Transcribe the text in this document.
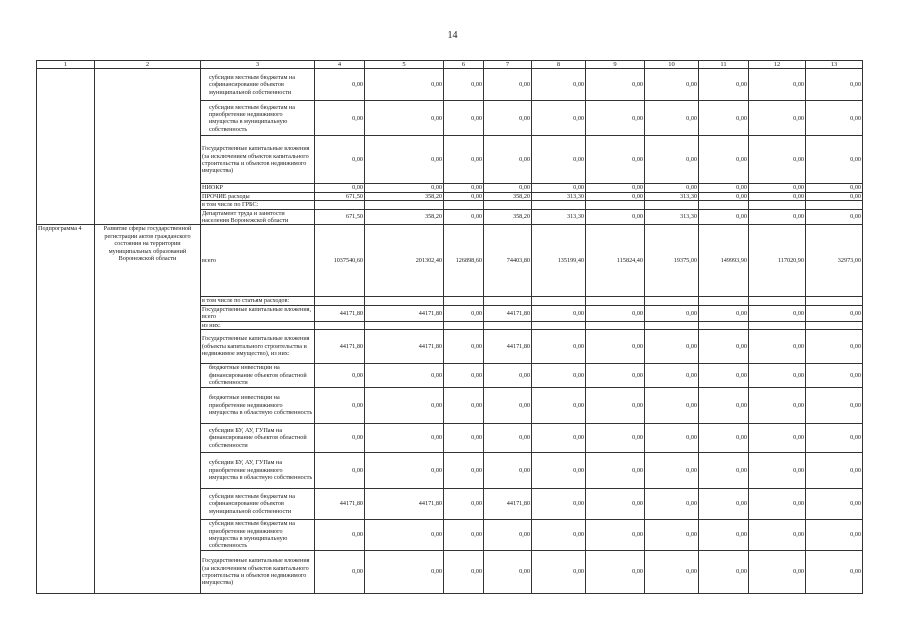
14
1	2	3	4	5	6	7	8	9	10	11	12	13
		субсидии местным бюджетам на софинансирование объектов муниципальной собственности	0,00	0,00	0,00	0,00	0,00	0,00	0,00	0,00	0,00	0,00
		субсидии местным бюджетам на приобретение недвижимого имущества в муниципальную собственность	0,00	0,00	0,00	0,00	0,00	0,00	0,00	0,00	0,00	0,00
		Государственные капитальные вложения (за исключением объектов капитального строительства и объектов недвижимого имущества)	0,00	0,00	0,00	0,00	0,00	0,00	0,00	0,00	0,00	0,00
		НИОКР	0,00	0,00	0,00	0,00	0,00	0,00	0,00	0,00	0,00	0,00
		ПРОЧИЕ расходы	671,50	358,20	0,00	358,20	313,30	0,00	313,30	0,00	0,00	0,00
		в том числе по ГРБС:										
		Департамент труда и занятости населения Воронежской области	671,50	358,20	0,00	358,20	313,30	0,00	313,30	0,00	0,00	0,00
Подпрограмма 4	Развитие сферы государственной регистрации актов гражданского состояния на территории муниципальных образований Воронежской области	всего	1037540,60	201302,40	126898,60	74403,80	135199,40	115824,40	19375,00	149993,90	117020,90	32973,00
		в том числе по статьям расходов:										
		Государственные капитальные вложения, всего	44171,80	44171,80	0,00	44171,80	0,00	0,00	0,00	0,00	0,00	0,00
		из них:										
		Государственные капитальные вложения (объекты капитального строительства и недвижимое имущество), из них:	44171,80	44171,80	0,00	44171,80	0,00	0,00	0,00	0,00	0,00	0,00
		бюджетные инвестиции на финансирование объектов областной собственности	0,00	0,00	0,00	0,00	0,00	0,00	0,00	0,00	0,00	0,00
		бюджетные инвестиции на приобретение недвижимого имущества в областную собственность	0,00	0,00	0,00	0,00	0,00	0,00	0,00	0,00	0,00	0,00
		субсидии БУ, АУ, ГУПам на финансирование объектов областной собственности	0,00	0,00	0,00	0,00	0,00	0,00	0,00	0,00	0,00	0,00
		субсидии БУ, АУ, ГУПам на приобретение недвижимого имущества в областную собственность	0,00	0,00	0,00	0,00	0,00	0,00	0,00	0,00	0,00	0,00
		субсидии местным бюджетам на софинансирование объектов муниципальной собственности	44171,80	44171,80	0,00	44171,80	0,00	0,00	0,00	0,00	0,00	0,00
		субсидии местным бюджетам на приобретение недвижимого имущества в муниципальную собственность	0,00	0,00	0,00	0,00	0,00	0,00	0,00	0,00	0,00	0,00
		Государственные капитальные вложения (за исключением объектов капитального строительства и объектов недвижимого имущества)	0,00	0,00	0,00	0,00	0,00	0,00	0,00	0,00	0,00	0,00
